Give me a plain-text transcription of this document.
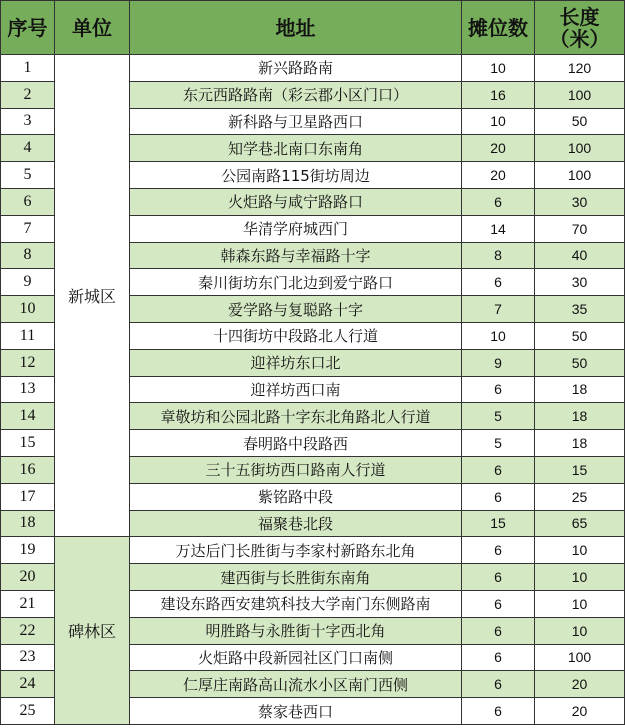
序号	单位	地址	摊位数	长度
（米）
新城区
1	新兴路路南	10	120
2	东元西路路南（彩云郡小区门口）	16	100
3	新科路与卫星路西口	10	50
4	知学巷北南口东南角	20	100
5	公园南路115街坊周边	20	100
6	火炬路与咸宁路路口	6	30
7	华清学府城西门	14	70
8	韩森东路与幸福路十字	8	40
9	秦川街坊东门北边到爱宁路口	6	30
10	爱学路与复聪路十字	7	35
11	十四街坊中段路北人行道	10	50
12	迎祥坊东口北	9	50
13	迎祥坊西口南	6	18
14	章敬坊和公园北路十字东北角路北人行道	5	18
15	春明路中段路西	5	18
16	三十五街坊西口路南人行道	6	15
17	紫铭路中段	6	25
18	福聚巷北段	15	65
碑林区
19	万达后门长胜街与李家村新路东北角	6	10
20	建西街与长胜街东南角	6	10
21	建设东路西安建筑科技大学南门东侧路南	6	10
22	明胜路与永胜街十字西北角	6	10
23	火炬路中段新园社区门口南侧	6	100
24	仁厚庄南路高山流水小区南门西侧	6	20
25	蔡家巷西口	6	20
